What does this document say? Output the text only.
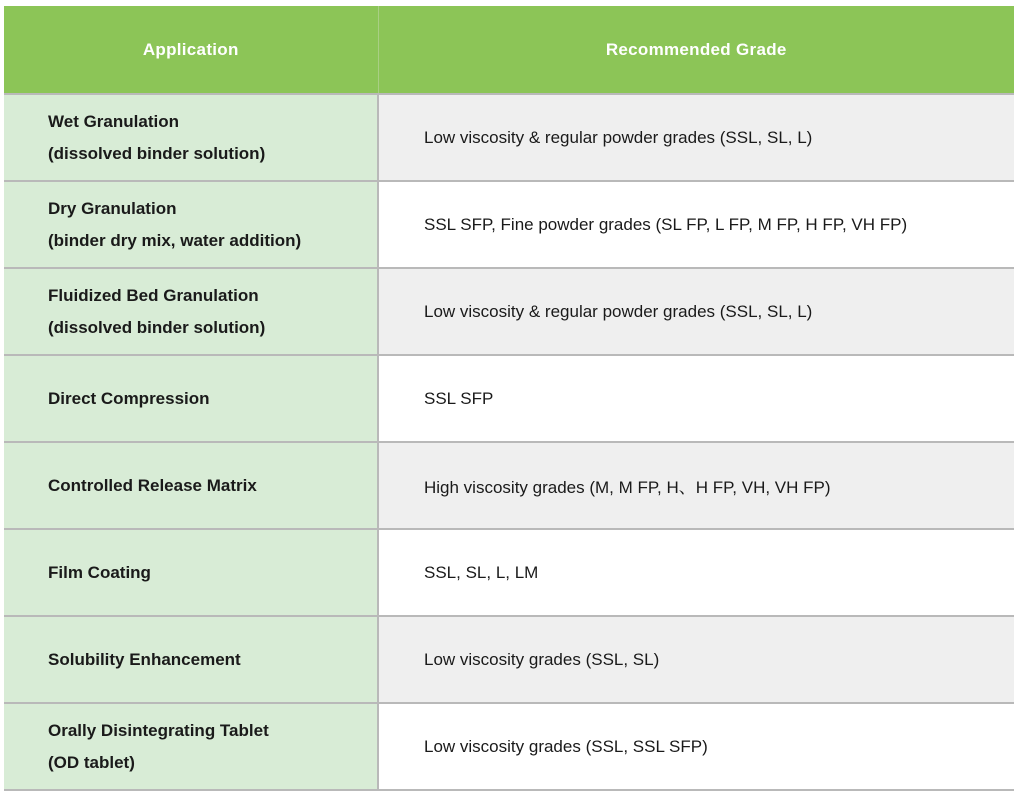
Application	Recommended Grade

Wet Granulation
(dissolved binder solution)	Low viscosity & regular powder grades (SSL, SL, L)

Dry Granulation
(binder dry mix, water addition)	SSL SFP, Fine powder grades (SL FP, L FP, M FP, H FP, VH FP)

Fluidized Bed Granulation
(dissolved binder solution)	Low viscosity & regular powder grades (SSL, SL, L)

Direct Compression	SSL SFP

Controlled Release Matrix	High viscosity grades (M, M FP, H、H FP, VH, VH FP)

Film Coating	SSL, SL, L, LM

Solubility Enhancement	Low viscosity grades (SSL, SL)

Orally Disintegrating Tablet
(OD tablet)	Low viscosity grades (SSL, SSL SFP)
